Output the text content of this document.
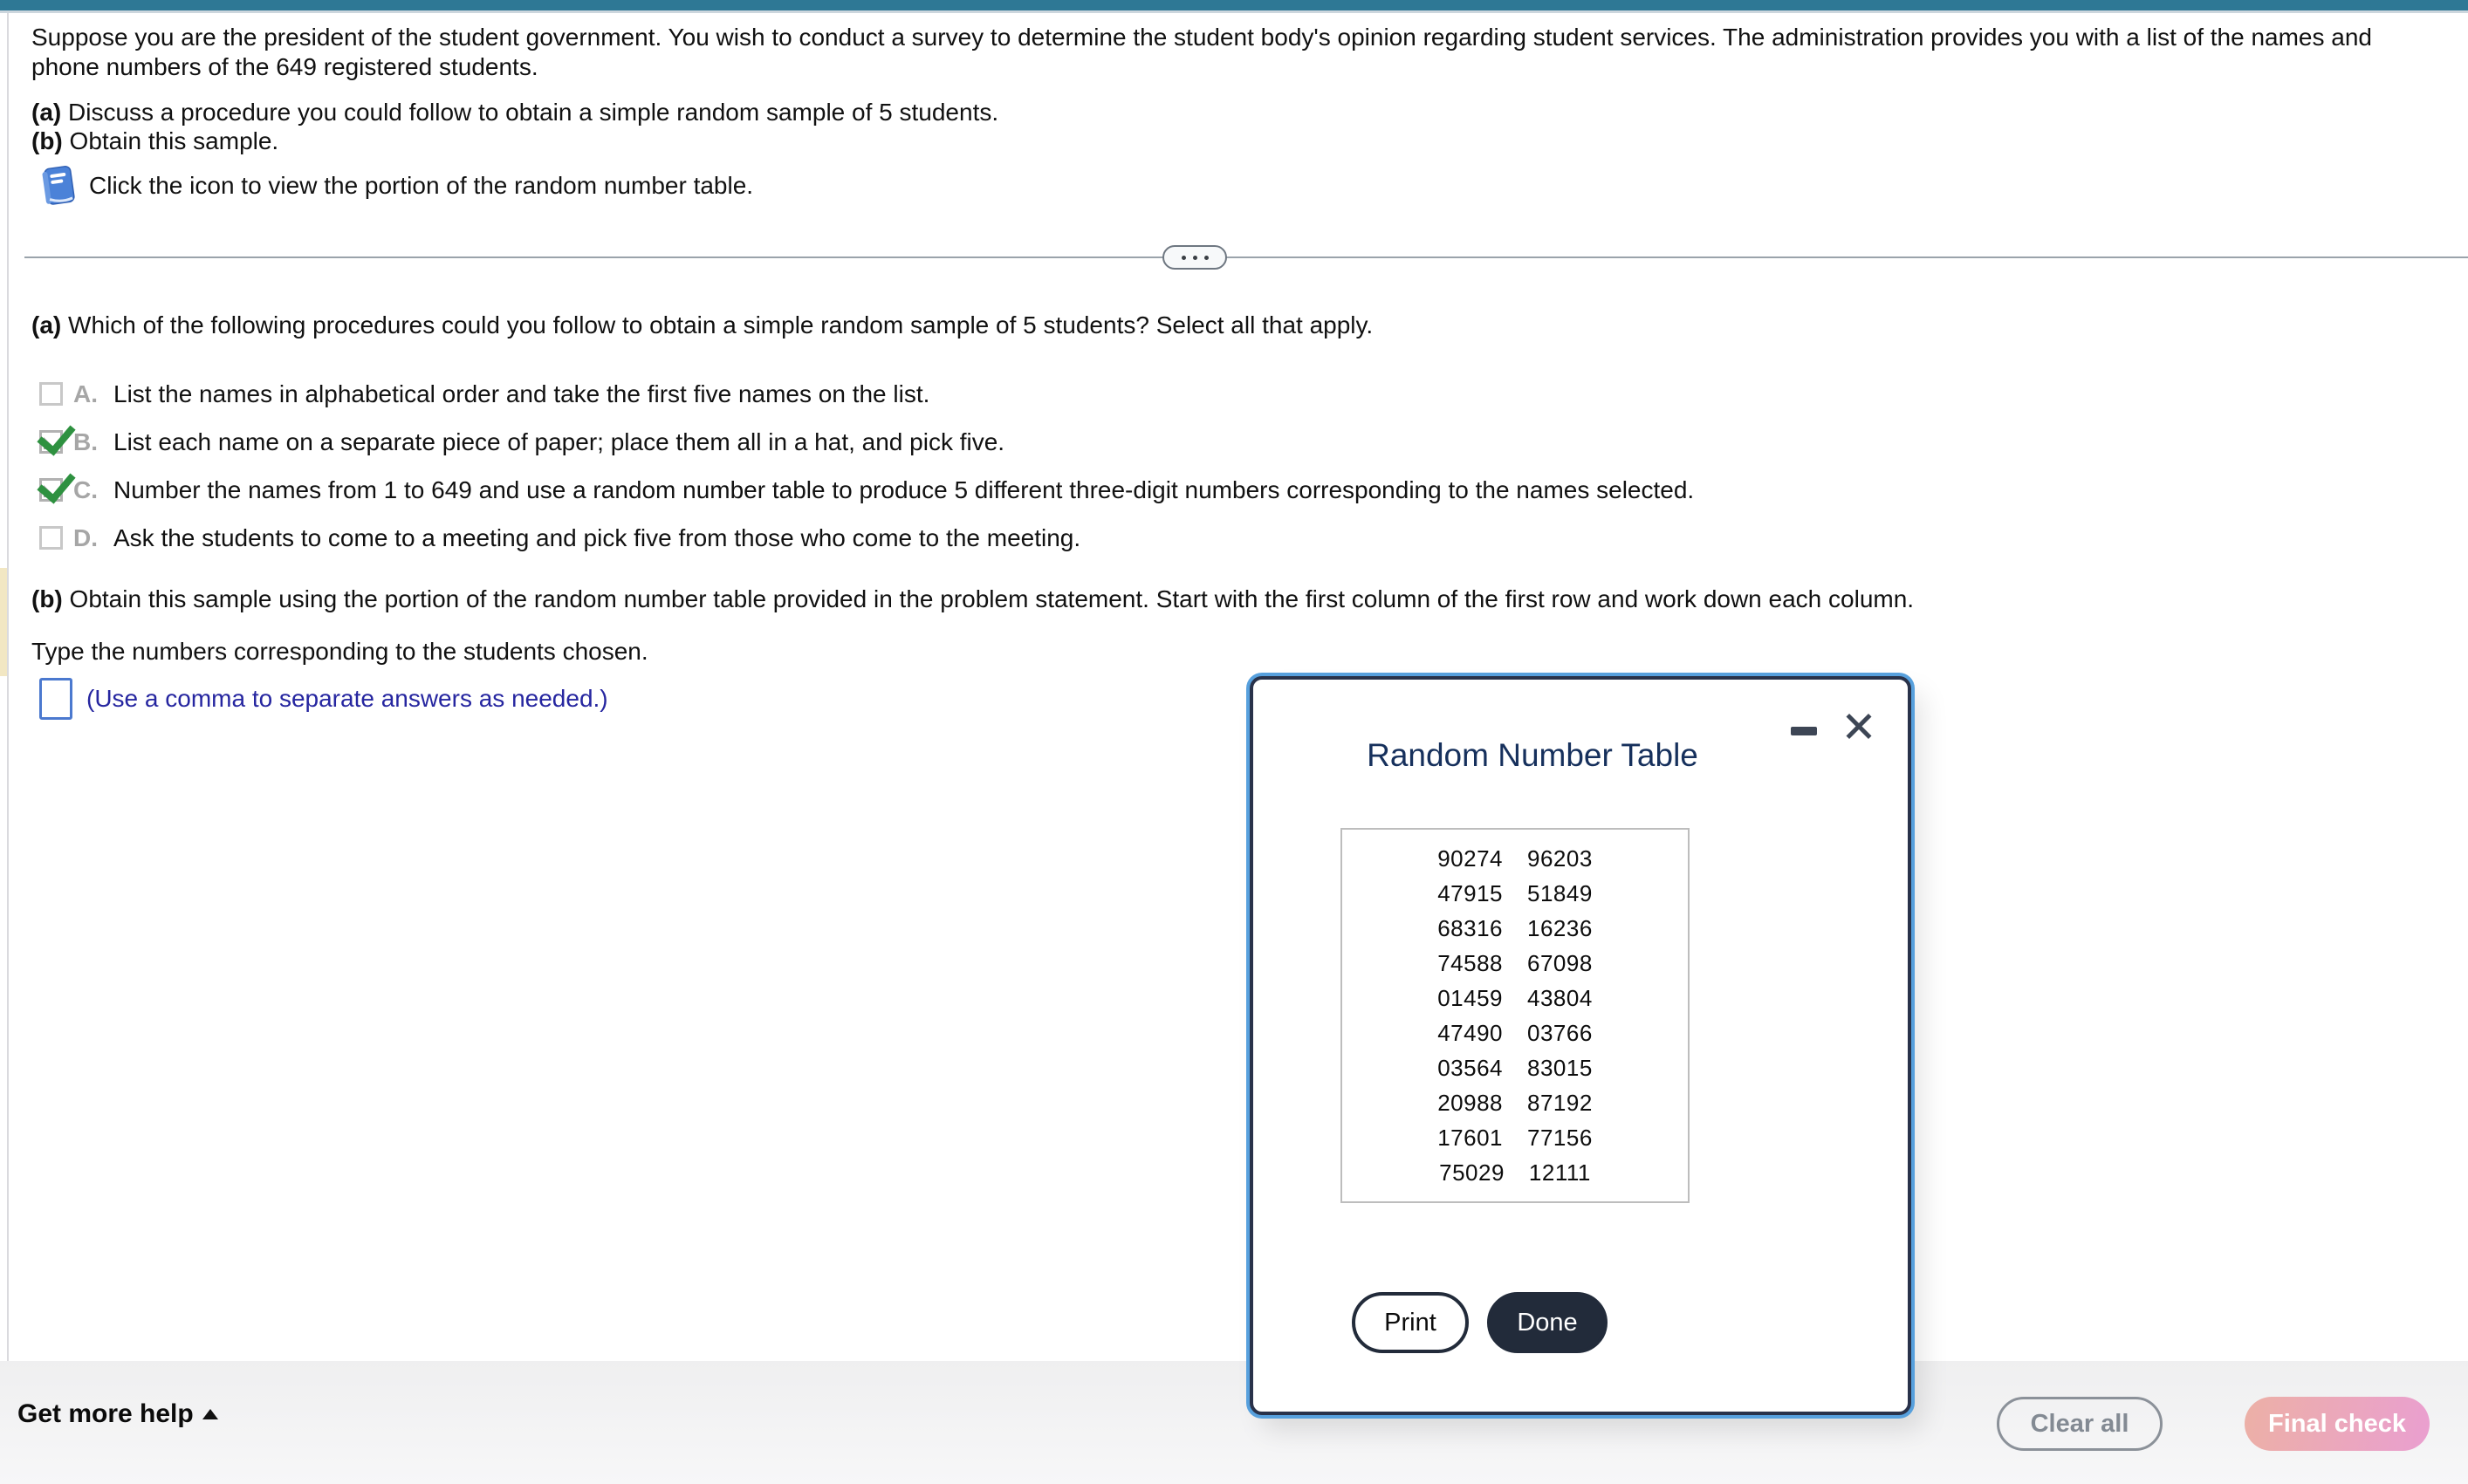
Suppose you are the president of the student government. You wish to conduct a survey to determine the student body's opinion regarding student services. The administration provides you with a list of the names and phone numbers of the 649 registered students.
(a) Discuss a procedure you could follow to obtain a simple random sample of 5 students.
(b) Obtain this sample.
Click the icon to view the portion of the random number table.
(a) Which of the following procedures could you follow to obtain a simple random sample of 5 students? Select all that apply.
A. List the names in alphabetical order and take the first five names on the list.
B. List each name on a separate piece of paper; place them all in a hat, and pick five.
C. Number the names from 1 to 649 and use a random number table to produce 5 different three-digit numbers corresponding to the names selected.
D. Ask the students to come to a meeting and pick five from those who come to the meeting.
(b) Obtain this sample using the portion of the random number table provided in the problem statement. Start with the first column of the first row and work down each column.
Type the numbers corresponding to the students chosen.
(Use a comma to separate answers as needed.)
Get more help	Clear all	Final check
Random Number Table
90274 96203
47915 51849
68316 16236
74588 67098
01459 43804
47490 03766
03564 83015
20988 87192
17601 77156
75029 12111
Print	Done
